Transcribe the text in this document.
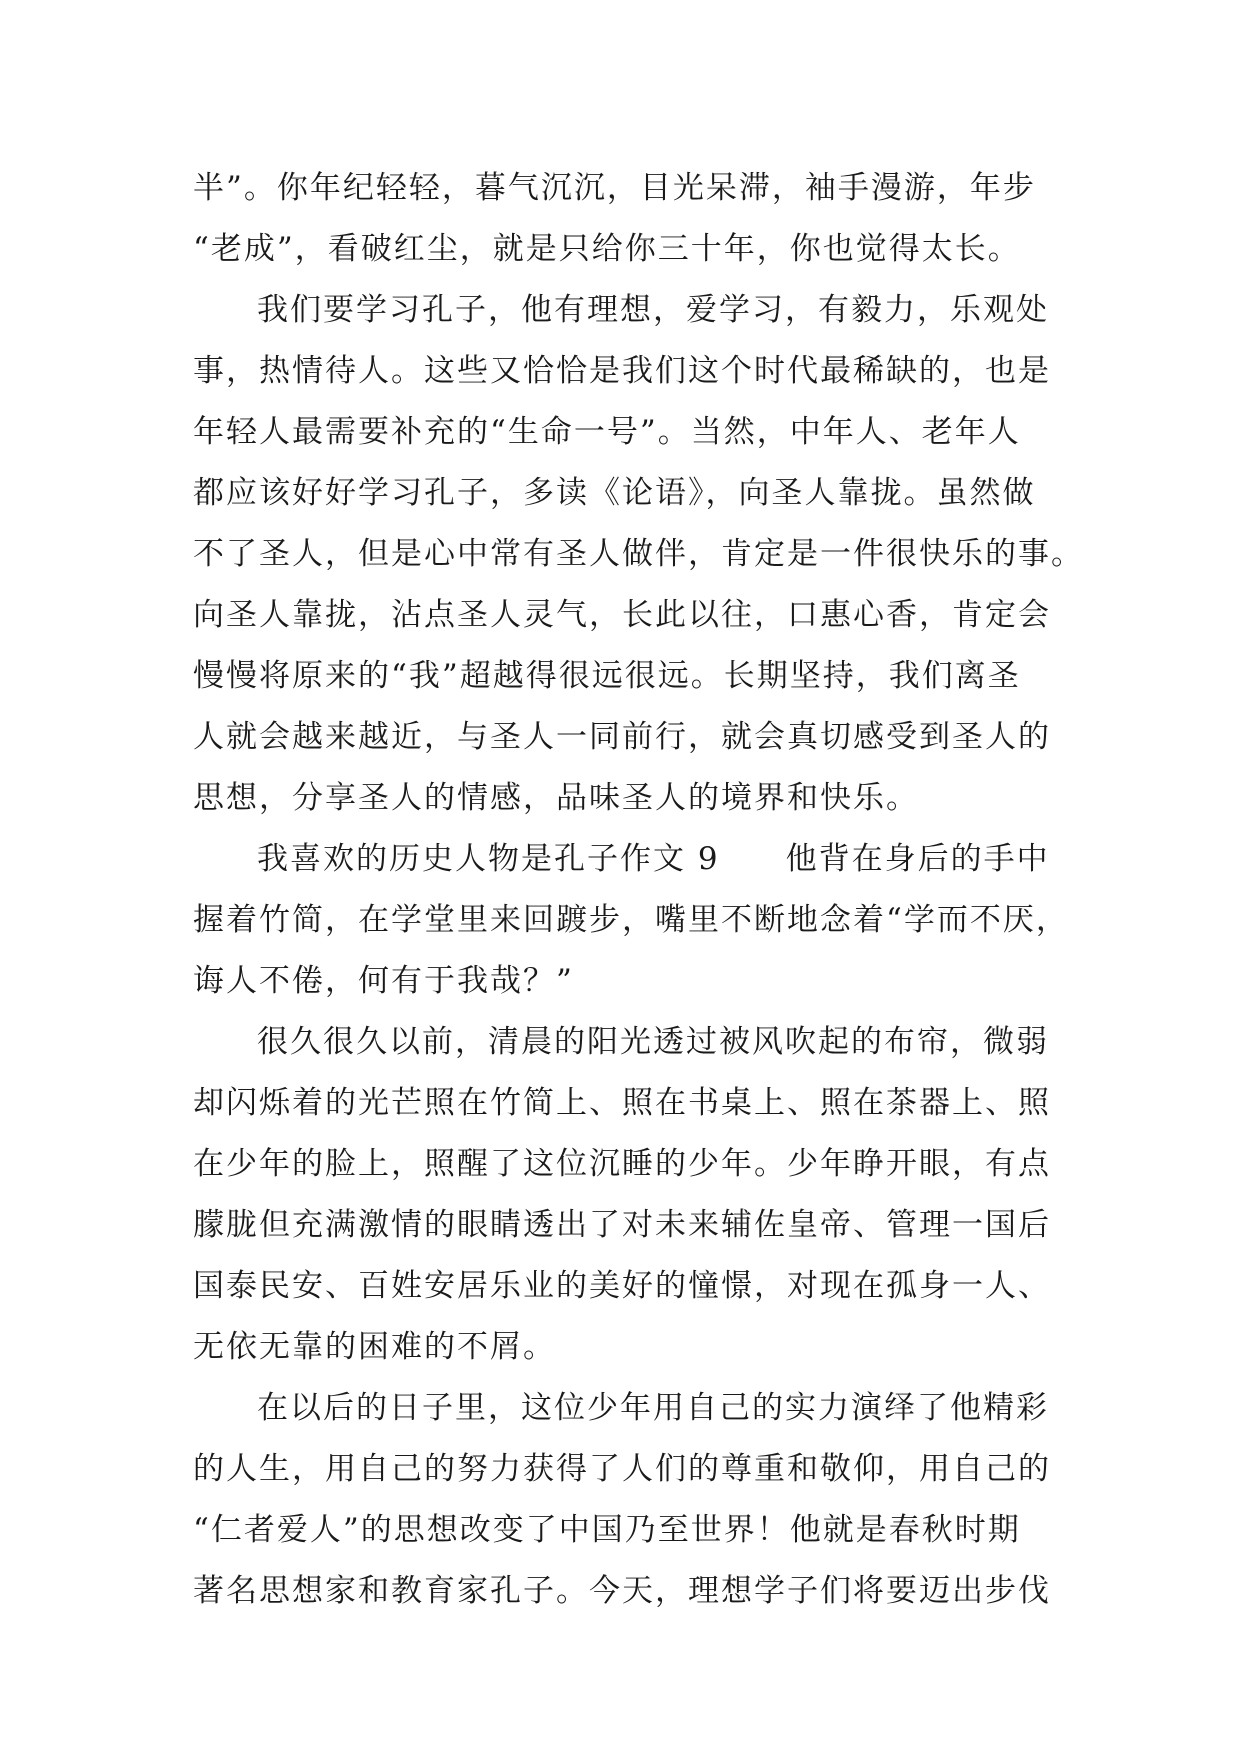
半”。你年纪轻轻，暮气沉沉，目光呆滞，袖手漫游，年步
“老成”，看破红尘，就是只给你三十年，你也觉得太长。
我们要学习孔子，他有理想，爱学习，有毅力，乐观处
事，热情待人。这些又恰恰是我们这个时代最稀缺的，也是
年轻人最需要补充的“生命一号”。当然，中年人、老年人
都应该好好学习孔子，多读《论语》，向圣人靠拢。虽然做
不了圣人，但是心中常有圣人做伴，肯定是一件很快乐的事。
向圣人靠拢，沾点圣人灵气，长此以往，口惠心香，肯定会
慢慢将原来的“我”超越得很远很远。长期坚持，我们离圣
人就会越来越近，与圣人一同前行，就会真切感受到圣人的
思想，分享圣人的情感，品味圣人的境界和快乐。
我喜欢的历史人物是孔子作文 9　　他背在身后的手中
握着竹简，在学堂里来回踱步，嘴里不断地念着“学而不厌，
诲人不倦，何有于我哉？”
很久很久以前，清晨的阳光透过被风吹起的布帘，微弱
却闪烁着的光芒照在竹简上、照在书桌上、照在茶器上、照
在少年的脸上，照醒了这位沉睡的少年。少年睁开眼，有点
朦胧但充满激情的眼睛透出了对未来辅佐皇帝、管理一国后
国泰民安、百姓安居乐业的美好的憧憬，对现在孤身一人、
无依无靠的困难的不屑。
在以后的日子里，这位少年用自己的实力演绎了他精彩
的人生，用自己的努力获得了人们的尊重和敬仰，用自己的
“仁者爱人”的思想改变了中国乃至世界！他就是春秋时期
著名思想家和教育家孔子。今天，理想学子们将要迈出步伐
